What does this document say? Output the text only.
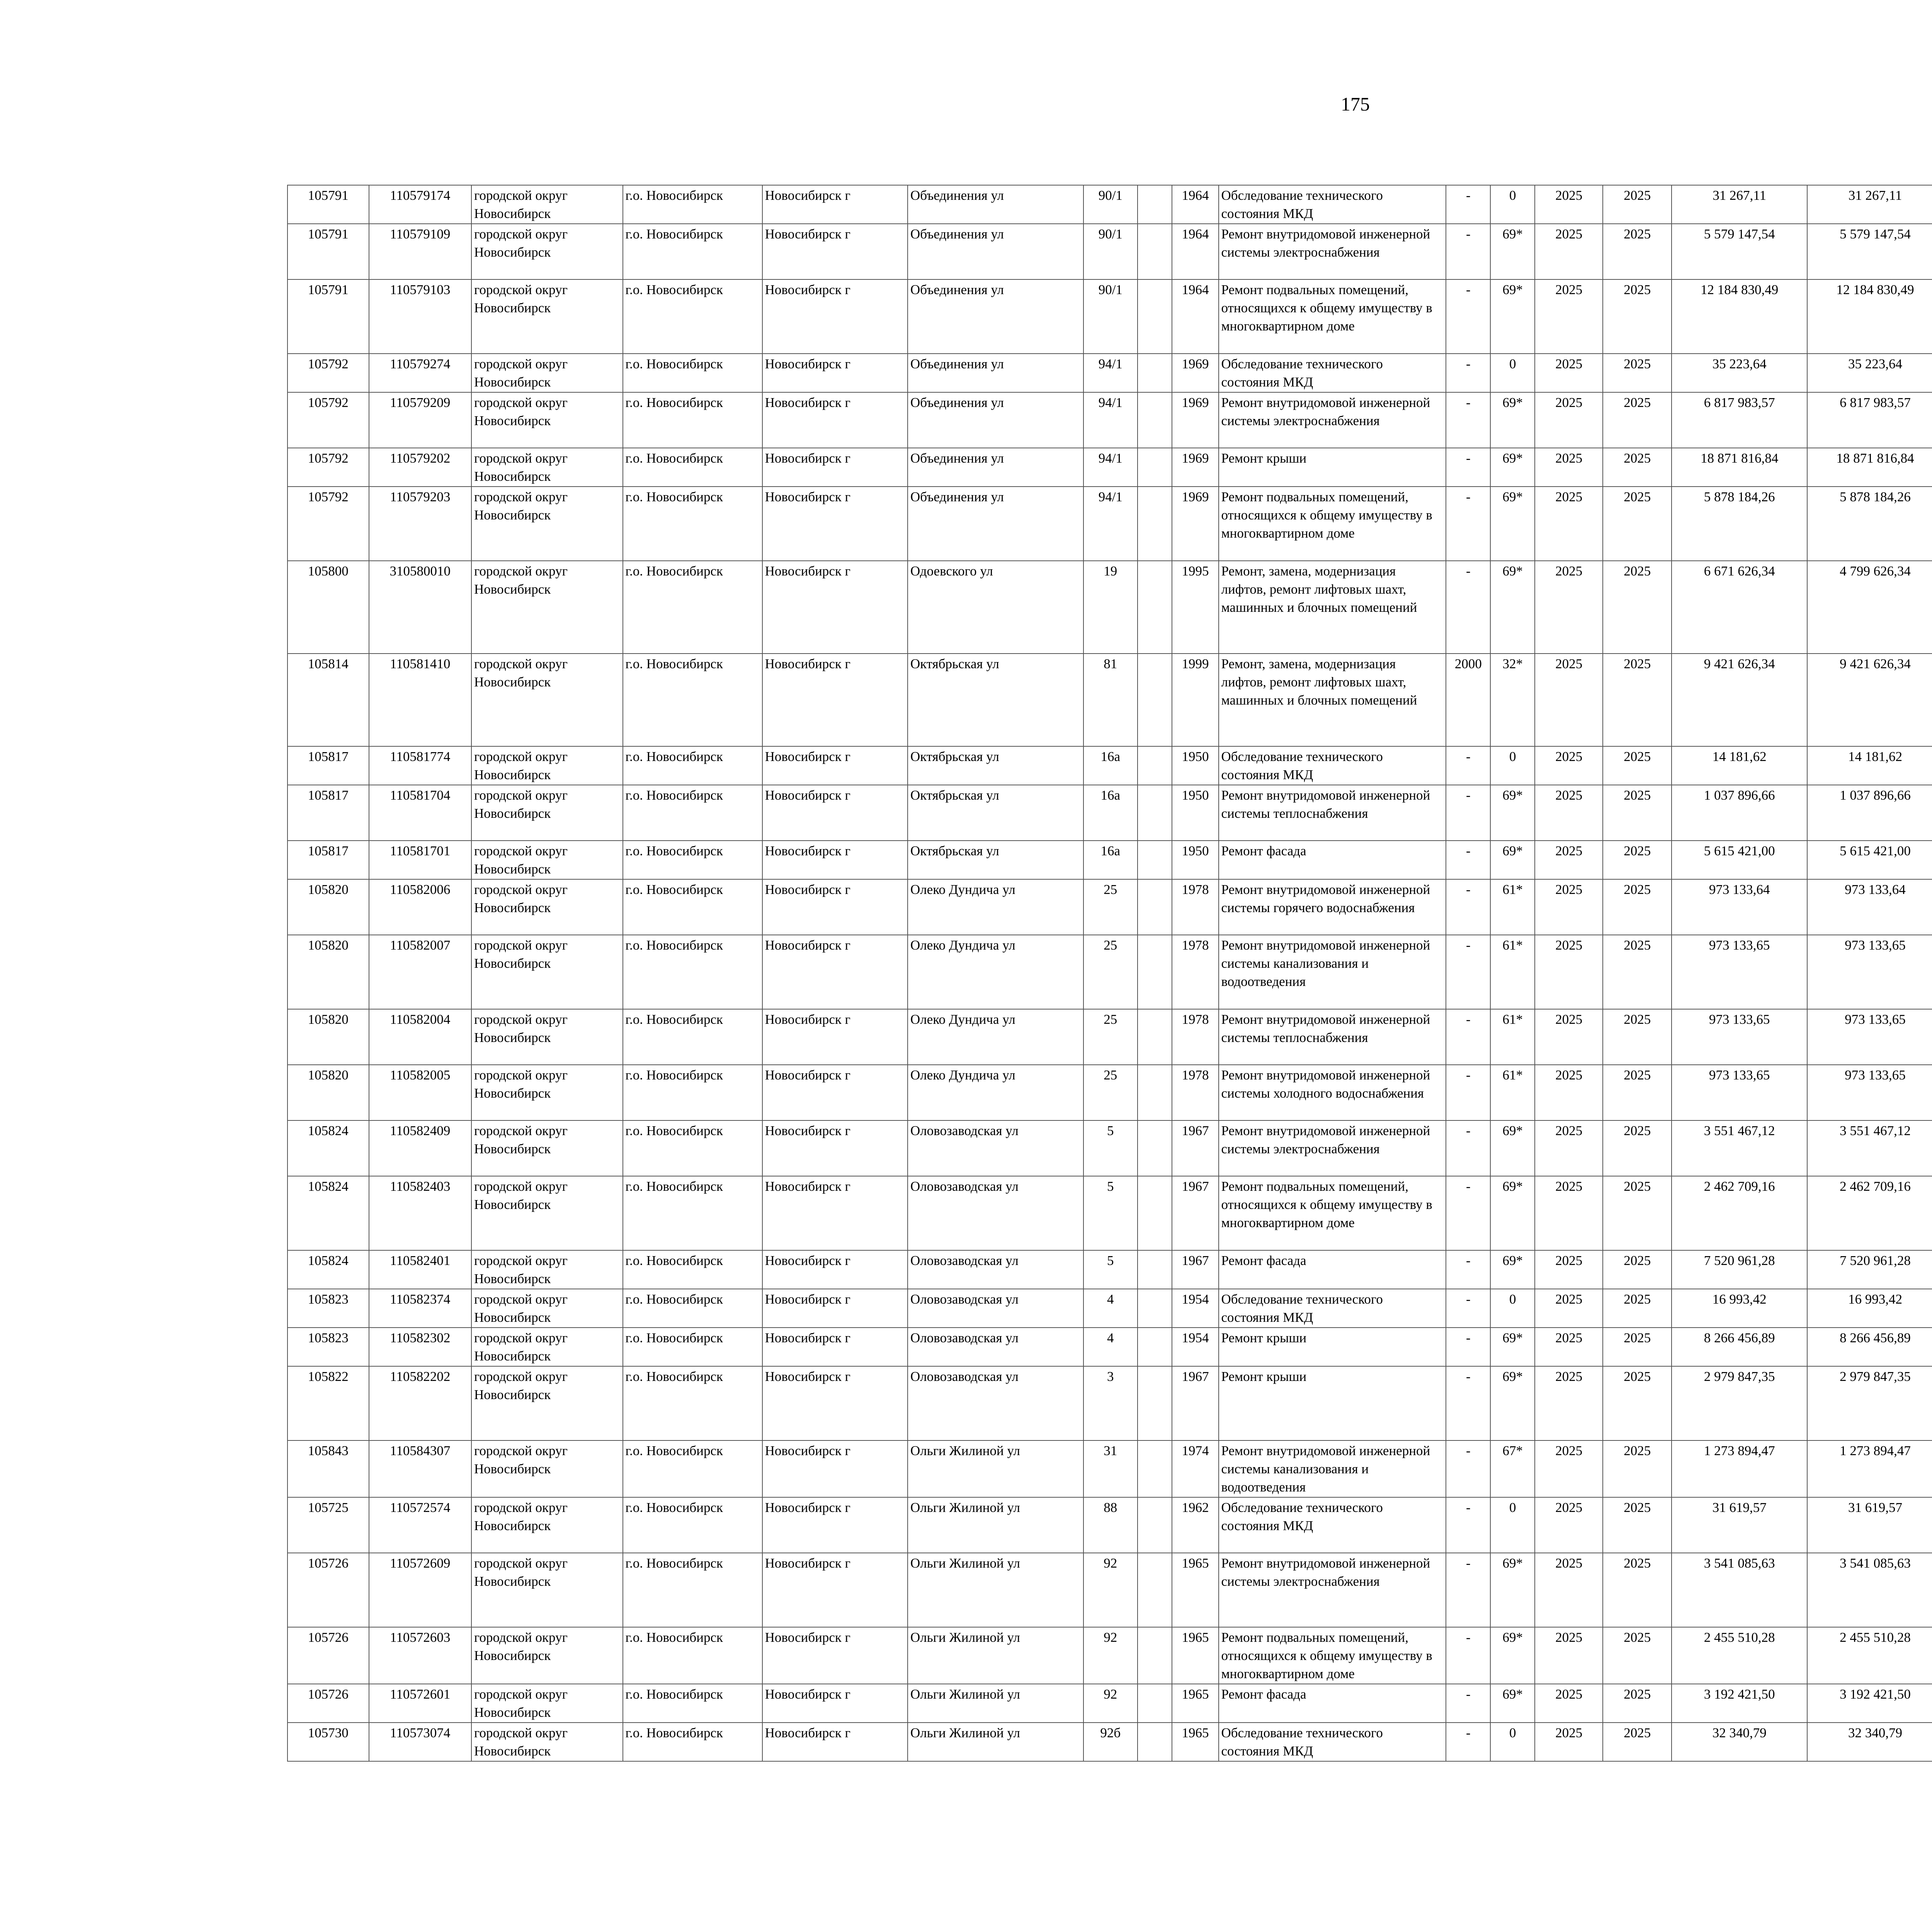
175
105791	110579174	городской округ Новосибирск	г.о. Новосибирск	Новосибирск г	Объединения ул	90/1		1964	Обследование технического состояния МКД	-	0	2025	2025	31 267,11	31 267,11						
105791	110579109	городской округ Новосибирск	г.о. Новосибирск	Новосибирск г	Объединения ул	90/1		1964	Ремонт внутридомовой инженерной системы электроснабжения	-	69*	2025	2025	5 579 147,54	5 579 147,54						
105791	110579103	городской округ Новосибирск	г.о. Новосибирск	Новосибирск г	Объединения ул	90/1		1964	Ремонт подвальных помещений, относящихся к общему имуществу в многоквартирном доме	-	69*	2025	2025	12 184 830,49	12 184 830,49						
105792	110579274	городской округ Новосибирск	г.о. Новосибирск	Новосибирск г	Объединения ул	94/1		1969	Обследование технического состояния МКД	-	0	2025	2025	35 223,64	35 223,64						
105792	110579209	городской округ Новосибирск	г.о. Новосибирск	Новосибирск г	Объединения ул	94/1		1969	Ремонт внутридомовой инженерной системы электроснабжения	-	69*	2025	2025	6 817 983,57	6 817 983,57						
105792	110579202	городской округ Новосибирск	г.о. Новосибирск	Новосибирск г	Объединения ул	94/1		1969	Ремонт крыши	-	69*	2025	2025	18 871 816,84	18 871 816,84						
105792	110579203	городской округ Новосибирск	г.о. Новосибирск	Новосибирск г	Объединения ул	94/1		1969	Ремонт подвальных помещений, относящихся к общему имуществу в многоквартирном доме	-	69*	2025	2025	5 878 184,26	5 878 184,26						
105800	310580010	городской округ Новосибирск	г.о. Новосибирск	Новосибирск г	Одоевского ул	19		1995	Ремонт, замена, модернизация лифтов, ремонт лифтовых шахт, машинных и блочных помещений	-	69*	2025	2025	6 671 626,34	4 799 626,34						
105814	110581410	городской округ Новосибирск	г.о. Новосибирск	Новосибирск г	Октябрьская ул	81		1999	Ремонт, замена, модернизация лифтов, ремонт лифтовых шахт, машинных и блочных помещений	2000	32*	2025	2025	9 421 626,34	9 421 626,34						
105817	110581774	городской округ Новосибирск	г.о. Новосибирск	Новосибирск г	Октябрьская ул	16а		1950	Обследование технического состояния МКД	-	0	2025	2025	14 181,62	14 181,62						
105817	110581704	городской округ Новосибирск	г.о. Новосибирск	Новосибирск г	Октябрьская ул	16а		1950	Ремонт внутридомовой инженерной системы теплоснабжения	-	69*	2025	2025	1 037 896,66	1 037 896,66						
105817	110581701	городской округ Новосибирск	г.о. Новосибирск	Новосибирск г	Октябрьская ул	16а		1950	Ремонт фасада	-	69*	2025	2025	5 615 421,00	5 615 421,00						
105820	110582006	городской округ Новосибирск	г.о. Новосибирск	Новосибирск г	Олеко Дундича ул	25		1978	Ремонт внутридомовой инженерной системы горячего водоснабжения	-	61*	2025	2025	973 133,64	973 133,64						
105820	110582007	городской округ Новосибирск	г.о. Новосибирск	Новосибирск г	Олеко Дундича ул	25		1978	Ремонт внутридомовой инженерной системы канализования и водоотведения	-	61*	2025	2025	973 133,65	973 133,65						
105820	110582004	городской округ Новосибирск	г.о. Новосибирск	Новосибирск г	Олеко Дундича ул	25		1978	Ремонт внутридомовой инженерной системы теплоснабжения	-	61*	2025	2025	973 133,65	973 133,65						
105820	110582005	городской округ Новосибирск	г.о. Новосибирск	Новосибирск г	Олеко Дундича ул	25		1978	Ремонт внутридомовой инженерной системы холодного водоснабжения	-	61*	2025	2025	973 133,65	973 133,65						
105824	110582409	городской округ Новосибирск	г.о. Новосибирск	Новосибирск г	Оловозаводская ул	5		1967	Ремонт внутридомовой инженерной системы электроснабжения	-	69*	2025	2025	3 551 467,12	3 551 467,12						
105824	110582403	городской округ Новосибирск	г.о. Новосибирск	Новосибирск г	Оловозаводская ул	5		1967	Ремонт подвальных помещений, относящихся к общему имуществу в многоквартирном доме	-	69*	2025	2025	2 462 709,16	2 462 709,16						
105824	110582401	городской округ Новосибирск	г.о. Новосибирск	Новосибирск г	Оловозаводская ул	5		1967	Ремонт фасада	-	69*	2025	2025	7 520 961,28	7 520 961,28						
105823	110582374	городской округ Новосибирск	г.о. Новосибирск	Новосибирск г	Оловозаводская ул	4		1954	Обследование технического состояния МКД	-	0	2025	2025	16 993,42	16 993,42						
105823	110582302	городской округ Новосибирск	г.о. Новосибирск	Новосибирск г	Оловозаводская ул	4		1954	Ремонт крыши	-	69*	2025	2025	8 266 456,89	8 266 456,89						
105822	110582202	городской округ Новосибирск	г.о. Новосибирск	Новосибирск г	Оловозаводская ул	3		1967	Ремонт крыши	-	69*	2025	2025	2 979 847,35	2 979 847,35						
105843	110584307	городской округ Новосибирск	г.о. Новосибирск	Новосибирск г	Ольги Жилиной ул	31		1974	Ремонт внутридомовой инженерной системы канализования и водоотведения	-	67*	2025	2025	1 273 894,47	1 273 894,47						
105725	110572574	городской округ Новосибирск	г.о. Новосибирск	Новосибирск г	Ольги Жилиной ул	88		1962	Обследование технического состояния МКД	-	0	2025	2025	31 619,57	31 619,57						
105726	110572609	городской округ Новосибирск	г.о. Новосибирск	Новосибирск г	Ольги Жилиной ул	92		1965	Ремонт внутридомовой инженерной системы электроснабжения	-	69*	2025	2025	3 541 085,63	3 541 085,63						
105726	110572603	городской округ Новосибирск	г.о. Новосибирск	Новосибирск г	Ольги Жилиной ул	92		1965	Ремонт подвальных помещений, относящихся к общему имуществу в многоквартирном доме	-	69*	2025	2025	2 455 510,28	2 455 510,28						
105726	110572601	городской округ Новосибирск	г.о. Новосибирск	Новосибирск г	Ольги Жилиной ул	92		1965	Ремонт фасада	-	69*	2025	2025	3 192 421,50	3 192 421,50						
105730	110573074	городской округ Новосибирск	г.о. Новосибирск	Новосибирск г	Ольги Жилиной ул	92б		1965	Обследование технического состояния МКД	-	0	2025	2025	32 340,79	32 340,79						
